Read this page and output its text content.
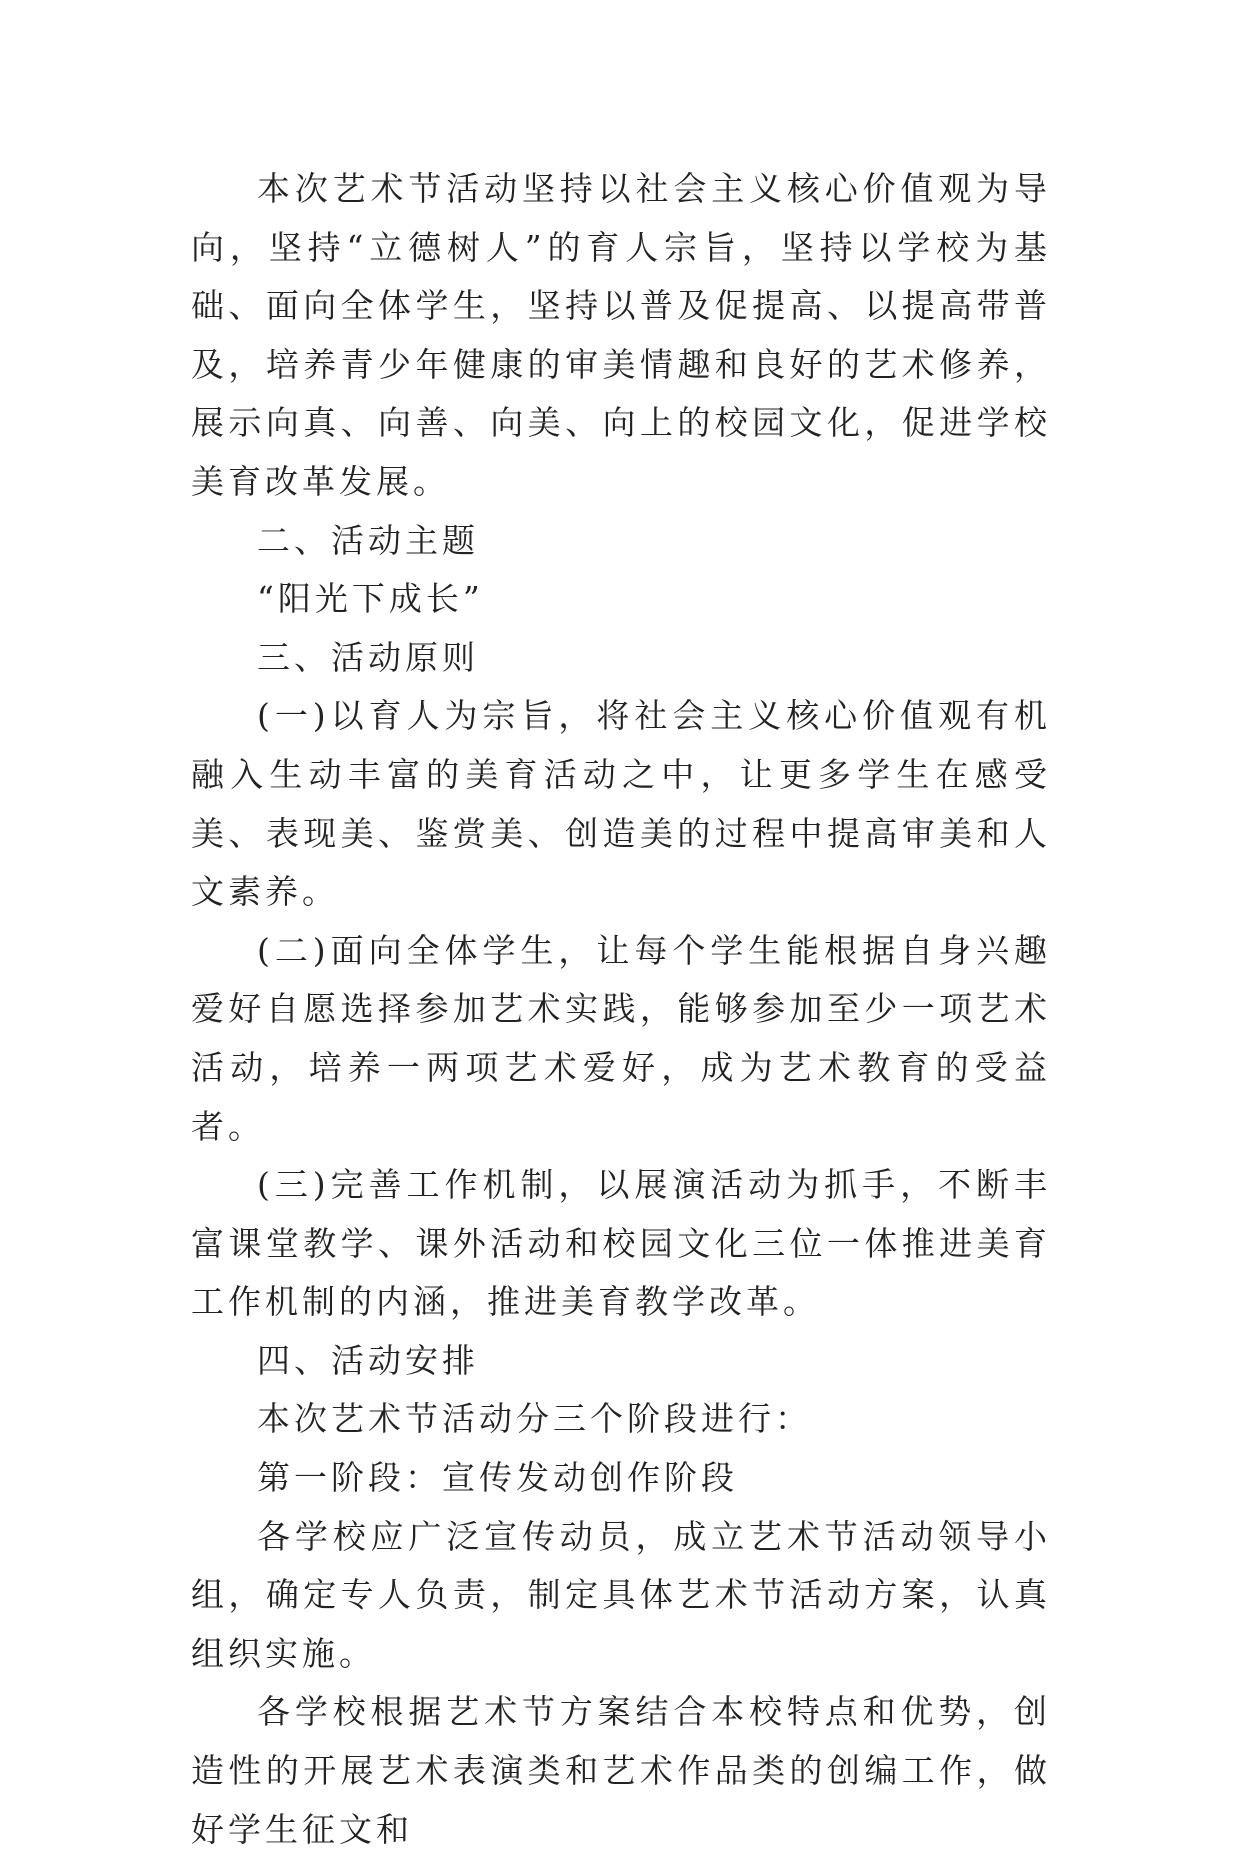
本次艺术节活动坚持以社会主义核心价值观为导向，坚持“立德树人”的育人宗旨，坚持以学校为基础、面向全体学生，坚持以普及促提高、以提高带普及，培养青少年健康的审美情趣和良好的艺术修养，展示向真、向善、向美、向上的校园文化，促进学校美育改革发展。

二、活动主题

“阳光下成长”

三、活动原则

(一)以育人为宗旨，将社会主义核心价值观有机融入生动丰富的美育活动之中，让更多学生在感受美、表现美、鉴赏美、创造美的过程中提高审美和人文素养。

(二)面向全体学生，让每个学生能根据自身兴趣爱好自愿选择参加艺术实践，能够参加至少一项艺术活动，培养一两项艺术爱好，成为艺术教育的受益者。

(三)完善工作机制，以展演活动为抓手，不断丰富课堂教学、课外活动和校园文化三位一体推进美育工作机制的内涵，推进美育教学改革。

四、活动安排

本次艺术节活动分三个阶段进行：

第一阶段：宣传发动创作阶段

各学校应广泛宣传动员，成立艺术节活动领导小组，确定专人负责，制定具体艺术节活动方案，认真组织实施。

各学校根据艺术节方案结合本校特点和优势，创造性的开展艺术表演类和艺术作品类的创编工作，做好学生征文和
